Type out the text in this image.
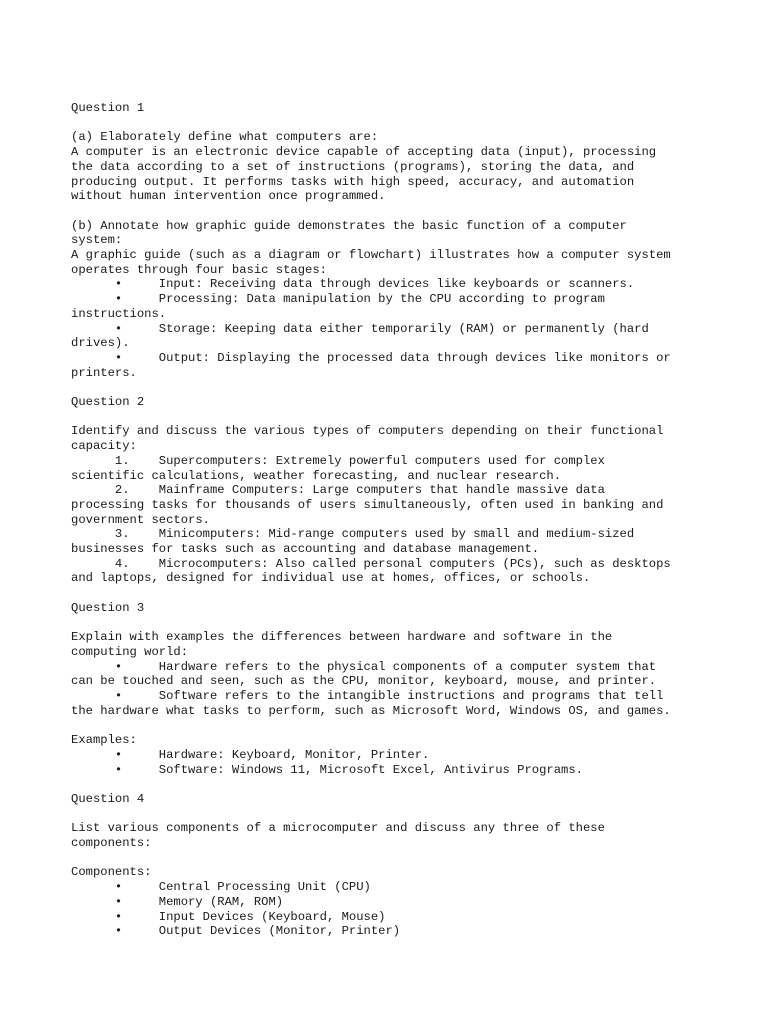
Question 1

(a) Elaborately define what computers are:

A computer is an electronic device capable of accepting data (input), processing

the data according to a set of instructions (programs), storing the data, and

producing output. It performs tasks with high speed, accuracy, and automation

without human intervention once programmed.

(b) Annotate how graphic guide demonstrates the basic function of a computer

system:

A graphic guide (such as a diagram or flowchart) illustrates how a computer system

operates through four basic stages:

•     Input: Receiving data through devices like keyboards or scanners.

•     Processing: Data manipulation by the CPU according to program

instructions.

•     Storage: Keeping data either temporarily (RAM) or permanently (hard

drives).

•     Output: Displaying the processed data through devices like monitors or

printers.

Question 2

Identify and discuss the various types of computers depending on their functional

capacity:

1.    Supercomputers: Extremely powerful computers used for complex

scientific calculations, weather forecasting, and nuclear research.

2.    Mainframe Computers: Large computers that handle massive data

processing tasks for thousands of users simultaneously, often used in banking and

government sectors.

3.    Minicomputers: Mid-range computers used by small and medium-sized

businesses for tasks such as accounting and database management.

4.    Microcomputers: Also called personal computers (PCs), such as desktops

and laptops, designed for individual use at homes, offices, or schools.

Question 3

Explain with examples the differences between hardware and software in the

computing world:

•     Hardware refers to the physical components of a computer system that

can be touched and seen, such as the CPU, monitor, keyboard, mouse, and printer.

•     Software refers to the intangible instructions and programs that tell

the hardware what tasks to perform, such as Microsoft Word, Windows OS, and games.

Examples:

•     Hardware: Keyboard, Monitor, Printer.

•     Software: Windows 11, Microsoft Excel, Antivirus Programs.

Question 4

List various components of a microcomputer and discuss any three of these

components:

Components:

•     Central Processing Unit (CPU)

•     Memory (RAM, ROM)

•     Input Devices (Keyboard, Mouse)

•     Output Devices (Monitor, Printer)
